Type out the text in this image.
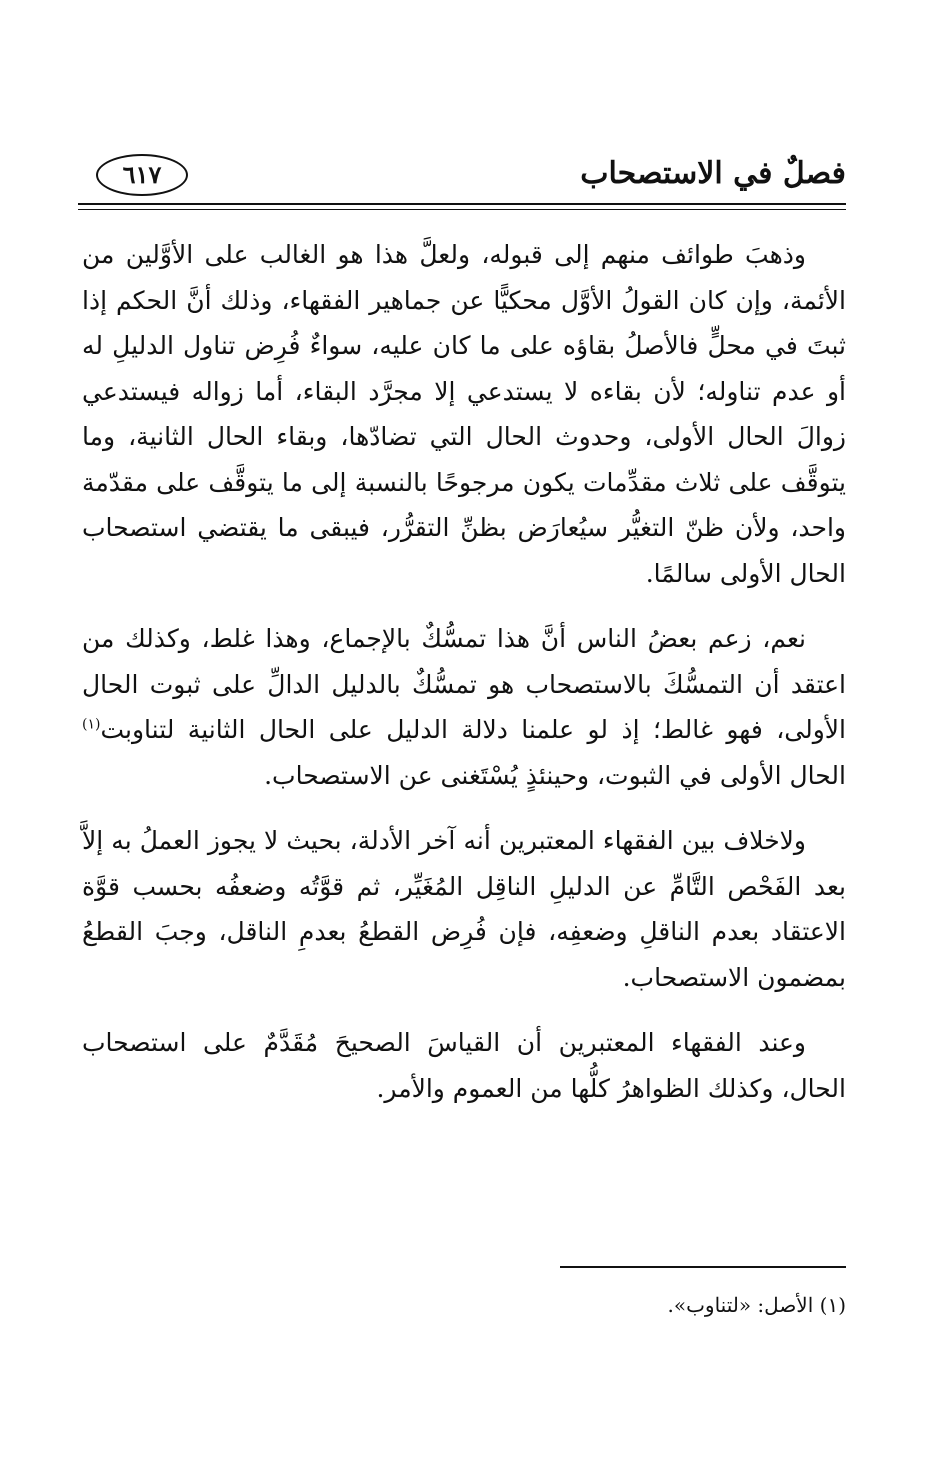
فصلٌ في الاستصحاب
٦١٧

وذهبَ طوائف منهم إلى قبوله، ولعلَّ هذا هو الغالب على الأوَّلين من الأئمة، وإن كان القولُ الأوَّل محكيًّا عن جماهير الفقهاء، وذلك أنَّ الحكم إذا ثبتَ في محلٍّ فالأصلُ بقاؤه على ما كان عليه، سواءٌ فُرِض تناول الدليلِ له أو عدم تناوله؛ لأن بقاءه لا يستدعي إلا مجرَّد البقاء، أما زواله فيستدعي زوالَ الحال الأولى، وحدوث الحال التي تضادّها، وبقاء الحال الثانية، وما يتوقَّف على ثلاث مقدِّمات يكون مرجوحًا بالنسبة إلى ما يتوقَّف على مقدّمة واحد، ولأن ظنّ التغيُّر سيُعارَض بظنِّ التقرُّر، فيبقى ما يقتضي استصحاب الحال الأولى سالمًا.

نعم، زعم بعضُ الناس أنَّ هذا تمسُّكٌ بالإجماع، وهذا غلط، وكذلك من اعتقد أن التمسُّكَ بالاستصحاب هو تمسُّكٌ بالدليل الدالِّ على ثبوت الحال الأولى، فهو غالط؛ إذ لو علمنا دلالة الدليل على الحال الثانية لتناوبت$^{(١)}$ الحال الأولى في الثبوت، وحينئذٍ يُسْتَغنى عن الاستصحاب.

ولاخلاف بين الفقهاء المعتبرين أنه آخر الأدلة، بحيث لا يجوز العملُ به إلاَّ بعد الفَحْص التَّامِّ عن الدليلِ الناقِل المُغَيِّر، ثم قوَّتُه وضعفُه بحسب قوَّة الاعتقاد بعدم الناقلِ وضعفِه، فإن فُرِض القطعُ بعدمِ الناقل، وجبَ القطعُ بمضمون الاستصحاب.

وعند الفقهاء المعتبرين أن القياسَ الصحيحَ مُقَدَّمٌ على استصحاب الحال، وكذلك الظواهرُ كلُّها من العموم والأمر.

(١) الأصل: «لتناوب».
